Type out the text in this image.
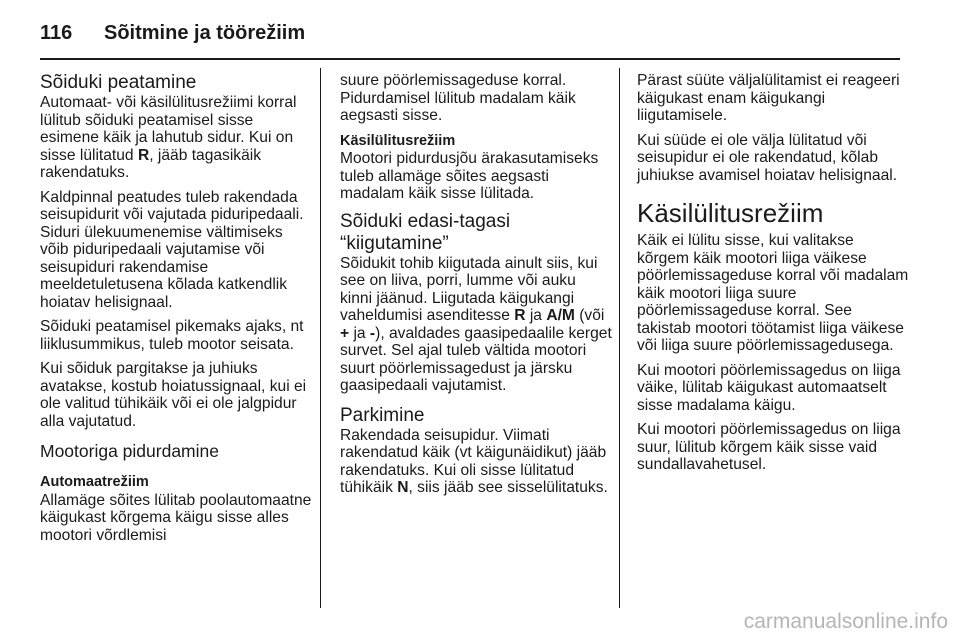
116 Sõitmine ja töörežiim
Sõiduki peatamine
Automaat- või käsilülitusrežiimi korral lülitub sõiduki peatamisel sisse esimene käik ja lahutub sidur. Kui on sisse lülitatud R, jääb tagasikäik rakendatuks.
Kaldpinnal peatudes tuleb rakendada seisupidurit või vajutada piduripedaali. Siduri ülekuumenemise vältimiseks võib piduripedaali vajutamise või seisupiduri rakendamise meeldetuletusena kõlada katkendlik hoiatav helisignaal.
Sõiduki peatamisel pikemaks ajaks, nt liiklusummikus, tuleb mootor seisata.
Kui sõiduk pargitakse ja juhiuks avatakse, kostub hoiatussignaal, kui ei ole valitud tühikäik või ei ole jalgpidur alla vajutatud.
Mootoriga pidurdamine
Automaatrežiim
Allamäge sõites lülitab poolautomaatne käigukast kõrgema käigu sisse alles mootori võrdlemisi
suure pöörlemissageduse korral. Pidurdamisel lülitub madalam käik aegsasti sisse.
Käsilülitusrežiim
Mootori pidurdusjõu ärakasutamiseks tuleb allamäge sõites aegsasti madalam käik sisse lülitada.
Sõiduki edasi-tagasi “kiigutamine”
Sõidukit tohib kiigutada ainult siis, kui see on liiva, porri, lumme või auku kinni jäänud. Liigutada käigukangi vaheldumisi asenditesse R ja A/M (või + ja -), avaldades gaasipedaalile kerget survet. Sel ajal tuleb vältida mootori suurt pöörlemissagedust ja järsku gaasipedaali vajutamist.
Parkimine
Rakendada seisupidur. Viimati rakendatud käik (vt käigunäidikut) jääb rakendatuks. Kui oli sisse lülitatud tühikäik N, siis jääb see sisselülitatuks.
Pärast süüte väljalülitamist ei reageeri käigukast enam käigukangi liigutamisele.
Kui süüde ei ole välja lülitatud või seisupidur ei ole rakendatud, kõlab juhiukse avamisel hoiatav helisignaal.
Käsilülitusrežiim
Käik ei lülitu sisse, kui valitakse kõrgem käik mootori liiga väikese pöörlemissageduse korral või madalam käik mootori liiga suure pöörlemissageduse korral. See takistab mootori töötamist liiga väikese või liiga suure pöörlemissagedusega.
Kui mootori pöörlemissagedus on liiga väike, lülitab käigukast automaatselt sisse madalama käigu.
Kui mootori pöörlemissagedus on liiga suur, lülitub kõrgem käik sisse vaid sundallavahetusel.
carmanualsonline.info
